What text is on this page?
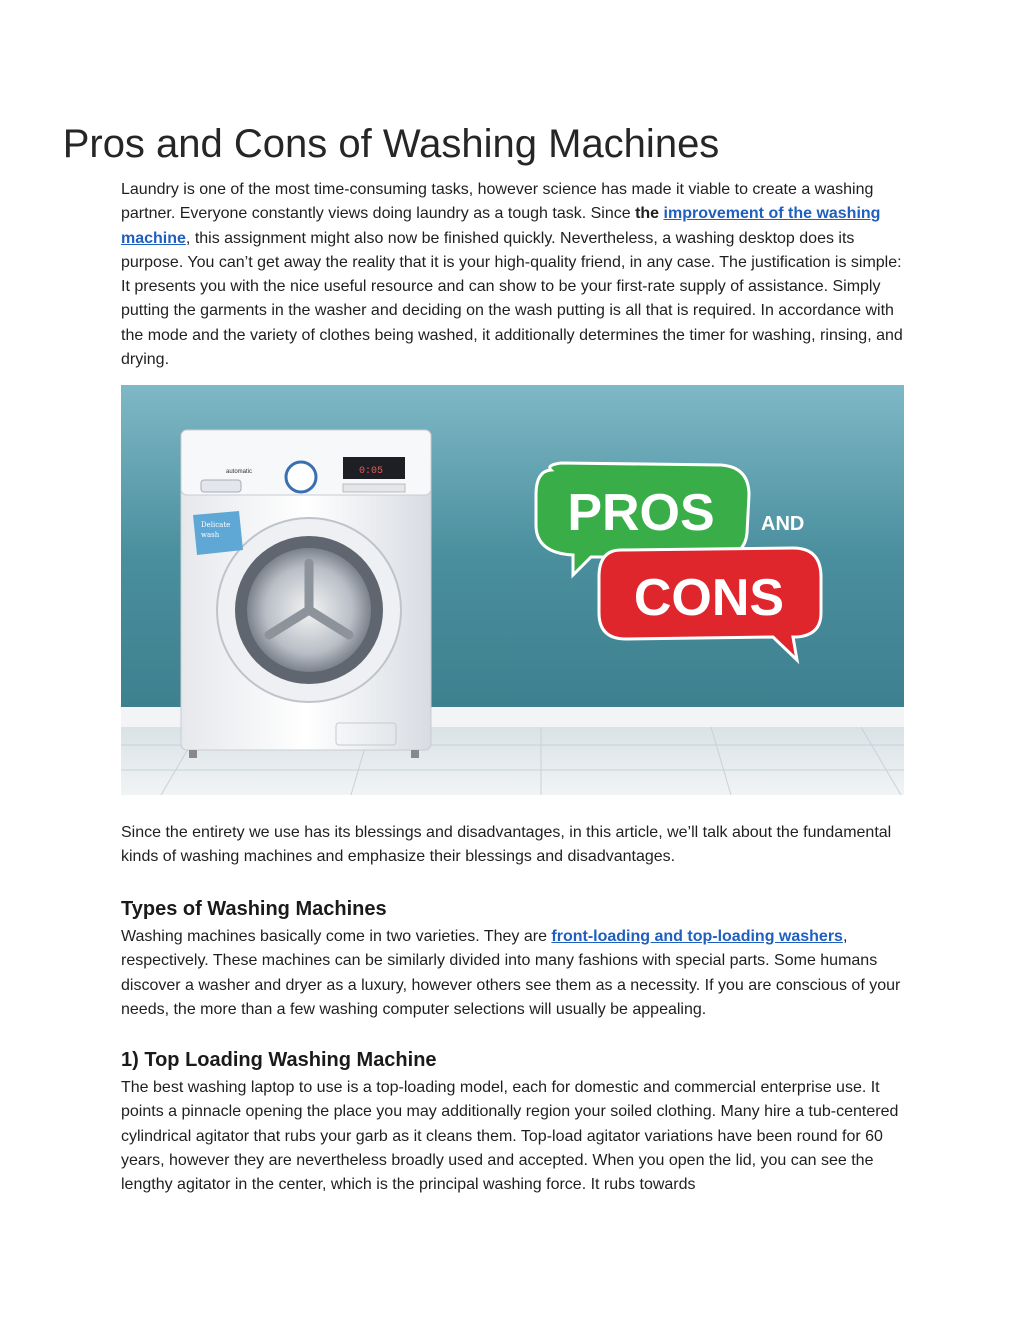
Pros and Cons of Washing Machines

Laundry is one of the most time-consuming tasks, however science has made it viable to create a washing partner. Everyone constantly views doing laundry as a tough task. Since the improvement of the washing machine, this assignment might also now be finished quickly. Nevertheless, a washing desktop does its purpose. You can’t get away the reality that it is your high-quality friend, in any case. The justification is simple: It presents you with the nice useful resource and can show to be your first-rate supply of assistance. Simply putting the garments in the washer and deciding on the wash putting is all that is required. In accordance with the mode and the variety of clothes being washed, it additionally determines the timer for washing, rinsing, and drying.

automatic	0:05
Delicate
wash	PROS AND
CONS

Since the entirety we use has its blessings and disadvantages, in this article, we’ll talk about the fundamental kinds of washing machines and emphasize their blessings and disadvantages.

Types of Washing Machines

Washing machines basically come in two varieties. They are front-loading and top-loading washers, respectively. These machines can be similarly divided into many fashions with special parts. Some humans discover a washer and dryer as a luxury, however others see them as a necessity. If you are conscious of your needs, the more than a few washing computer selections will usually be appealing.

1) Top Loading Washing Machine

The best washing laptop to use is a top-loading model, each for domestic and commercial enterprise use. It points a pinnacle opening the place you may additionally region your soiled clothing. Many hire a tub-centered cylindrical agitator that rubs your garb as it cleans them. Top-load agitator variations have been round for 60 years, however they are nevertheless broadly used and accepted. When you open the lid, you can see the lengthy agitator in the center, which is the principal washing force. It rubs towards
